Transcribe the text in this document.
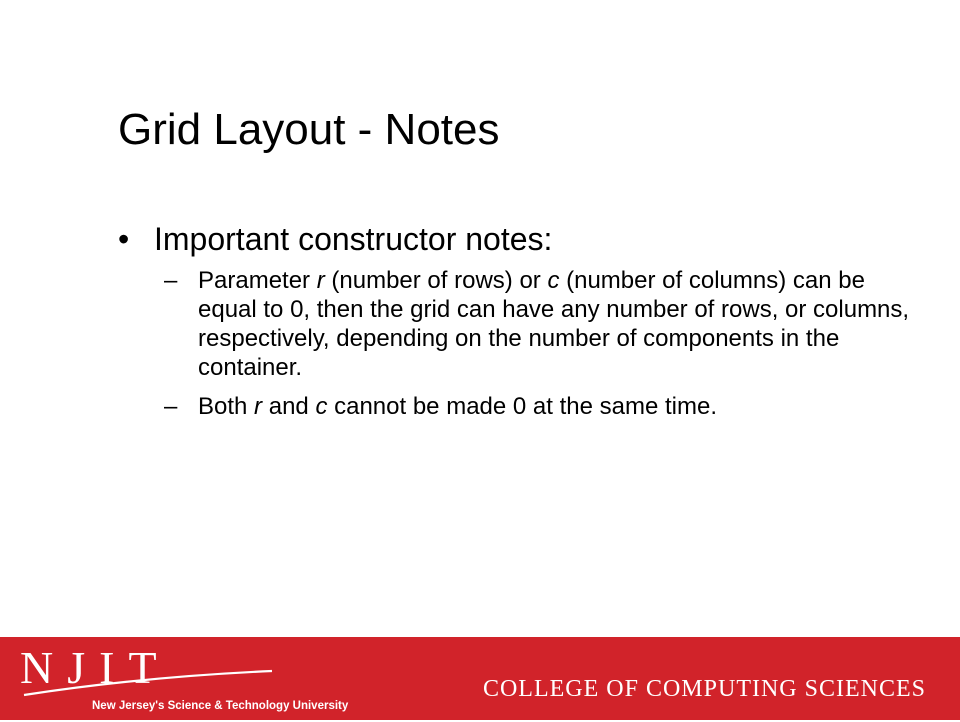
Grid Layout - Notes
• Important constructor notes:
– Parameter r (number of rows) or c (number of columns) can be equal to 0, then the grid can have any number of rows, or columns, respectively, depending on the number of components in the container.
– Both r and c cannot be made 0 at the same time.
NJIT
New Jersey's Science & Technology University
COLLEGE OF COMPUTING SCIENCES
